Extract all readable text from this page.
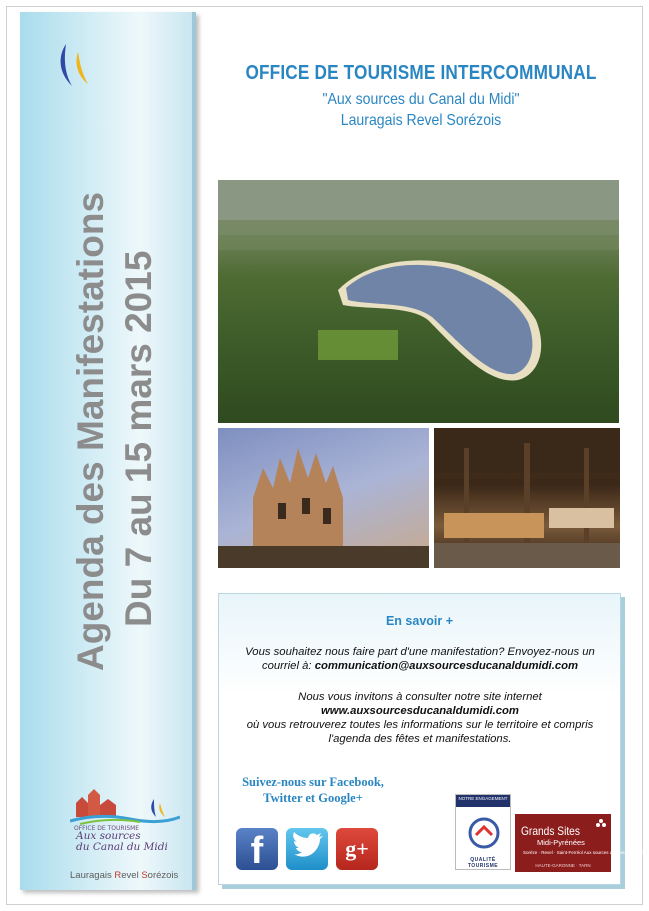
Agenda des Manifestations Du 7 au 15 mars 2015
OFFICE DE TOURISME
Aux sources
du Canal du Midi
Lauragais Revel Sorézois
OFFICE DE TOURISME INTERCOMMUNAL
"Aux sources du Canal du Midi"
Lauragais Revel Sorézois
En savoir +
Vous souhaitez nous faire part d'une manifestation? Envoyez-nous un courriel à: communication@auxsourcesducanaldumidi.com
Nous vous invitons à consulter notre site internet
www.auxsourcesducanaldumidi.com
où vous retrouverez toutes les informations sur le territoire et compris l'agenda des fêtes et manifestations.
Suivez-nous sur Facebook, Twitter et Google+
f	g+
NOTRE ENGAGEMENT
QUALITÉ TOURISME
Grands Sites
Midi-Pyrénées
Sorèze · Revel · Saint-Ferréol Aux sources du Canal du Midi
HAUTE-GARONNE · TARN
